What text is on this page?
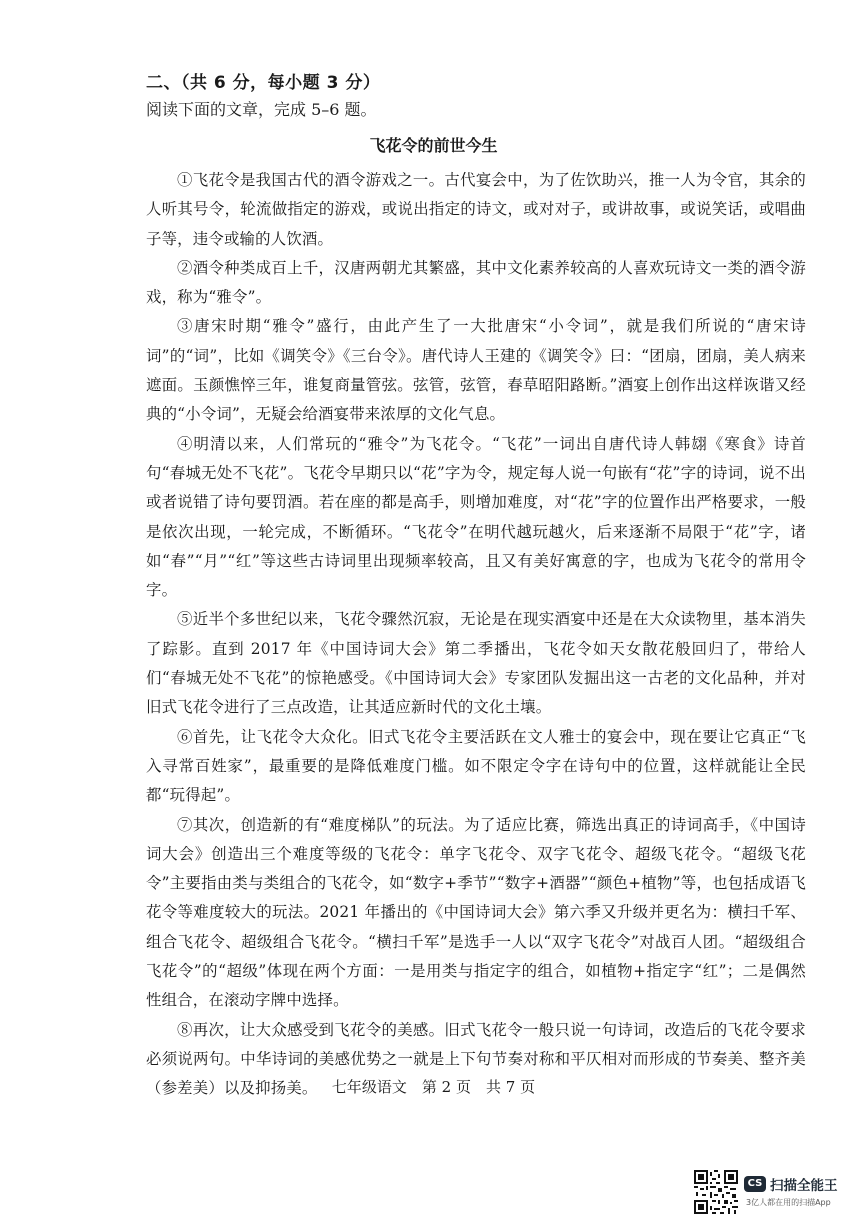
二、（共 6 分，每小题 3 分）
阅读下面的文章，完成 5–6 题。
飞花令的前世今生

①飞花令是我国古代的酒令游戏之一。古代宴会中，为了佐饮助兴，推一人为令官，其余的人听其号令，轮流做指定的游戏，或说出指定的诗文，或对对子，或讲故事，或说笑话，或唱曲子等，违令或输的人饮酒。

②酒令种类成百上千，汉唐两朝尤其繁盛，其中文化素养较高的人喜欢玩诗文一类的酒令游戏，称为“雅令”。

③唐宋时期“雅令”盛行，由此产生了一大批唐宋“小令词”，就是我们所说的“唐宋诗词”的“词”，比如《调笑令》《三台令》。唐代诗人王建的《调笑令》曰：“团扇，团扇，美人病来遮面。玉颜憔悴三年，谁复商量管弦。弦管，弦管，春草昭阳路断。”酒宴上创作出这样诙谐又经典的“小令词”，无疑会给酒宴带来浓厚的文化气息。

④明清以来，人们常玩的“雅令”为飞花令。“飞花”一词出自唐代诗人韩翃《寒食》诗首句“春城无处不飞花”。飞花令早期只以“花”字为令，规定每人说一句嵌有“花”字的诗词，说不出或者说错了诗句要罚酒。若在座的都是高手，则增加难度，对“花”字的位置作出严格要求，一般是依次出现，一轮完成，不断循环。“飞花令”在明代越玩越火，后来逐渐不局限于“花”字，诸如“春”“月”“红”等这些古诗词里出现频率较高，且又有美好寓意的字，也成为飞花令的常用令字。

⑤近半个多世纪以来，飞花令骤然沉寂，无论是在现实酒宴中还是在大众读物里，基本消失了踪影。直到 2017 年《中国诗词大会》第二季播出，飞花令如天女散花般回归了，带给人们“春城无处不飞花”的惊艳感受。《中国诗词大会》专家团队发掘出这一古老的文化品种，并对旧式飞花令进行了三点改造，让其适应新时代的文化土壤。

⑥首先，让飞花令大众化。旧式飞花令主要活跃在文人雅士的宴会中，现在要让它真正“飞入寻常百姓家”，最重要的是降低难度门槛。如不限定令字在诗句中的位置，这样就能让全民都“玩得起”。

⑦其次，创造新的有“难度梯队”的玩法。为了适应比赛，筛选出真正的诗词高手，《中国诗词大会》创造出三个难度等级的飞花令：单字飞花令、双字飞花令、超级飞花令。“超级飞花令”主要指由类与类组合的飞花令，如“数字+季节”“数字+酒器”“颜色+植物”等，也包括成语飞花令等难度较大的玩法。2021 年播出的《中国诗词大会》第六季又升级并更名为：横扫千军、组合飞花令、超级组合飞花令。“横扫千军”是选手一人以“双字飞花令”对战百人团。“超级组合飞花令”的“超级”体现在两个方面：一是用类与指定字的组合，如植物+指定字“红”；二是偶然性组合，在滚动字牌中选择。

⑧再次，让大众感受到飞花令的美感。旧式飞花令一般只说一句诗词，改造后的飞花令要求必须说两句。中华诗词的美感优势之一就是上下句节奏对称和平仄相对而形成的节奏美、整齐美（参差美）以及抑扬美。 七年级语文　第 2 页　共 7 页
CS 扫描全能王
3亿人都在用的扫描App
